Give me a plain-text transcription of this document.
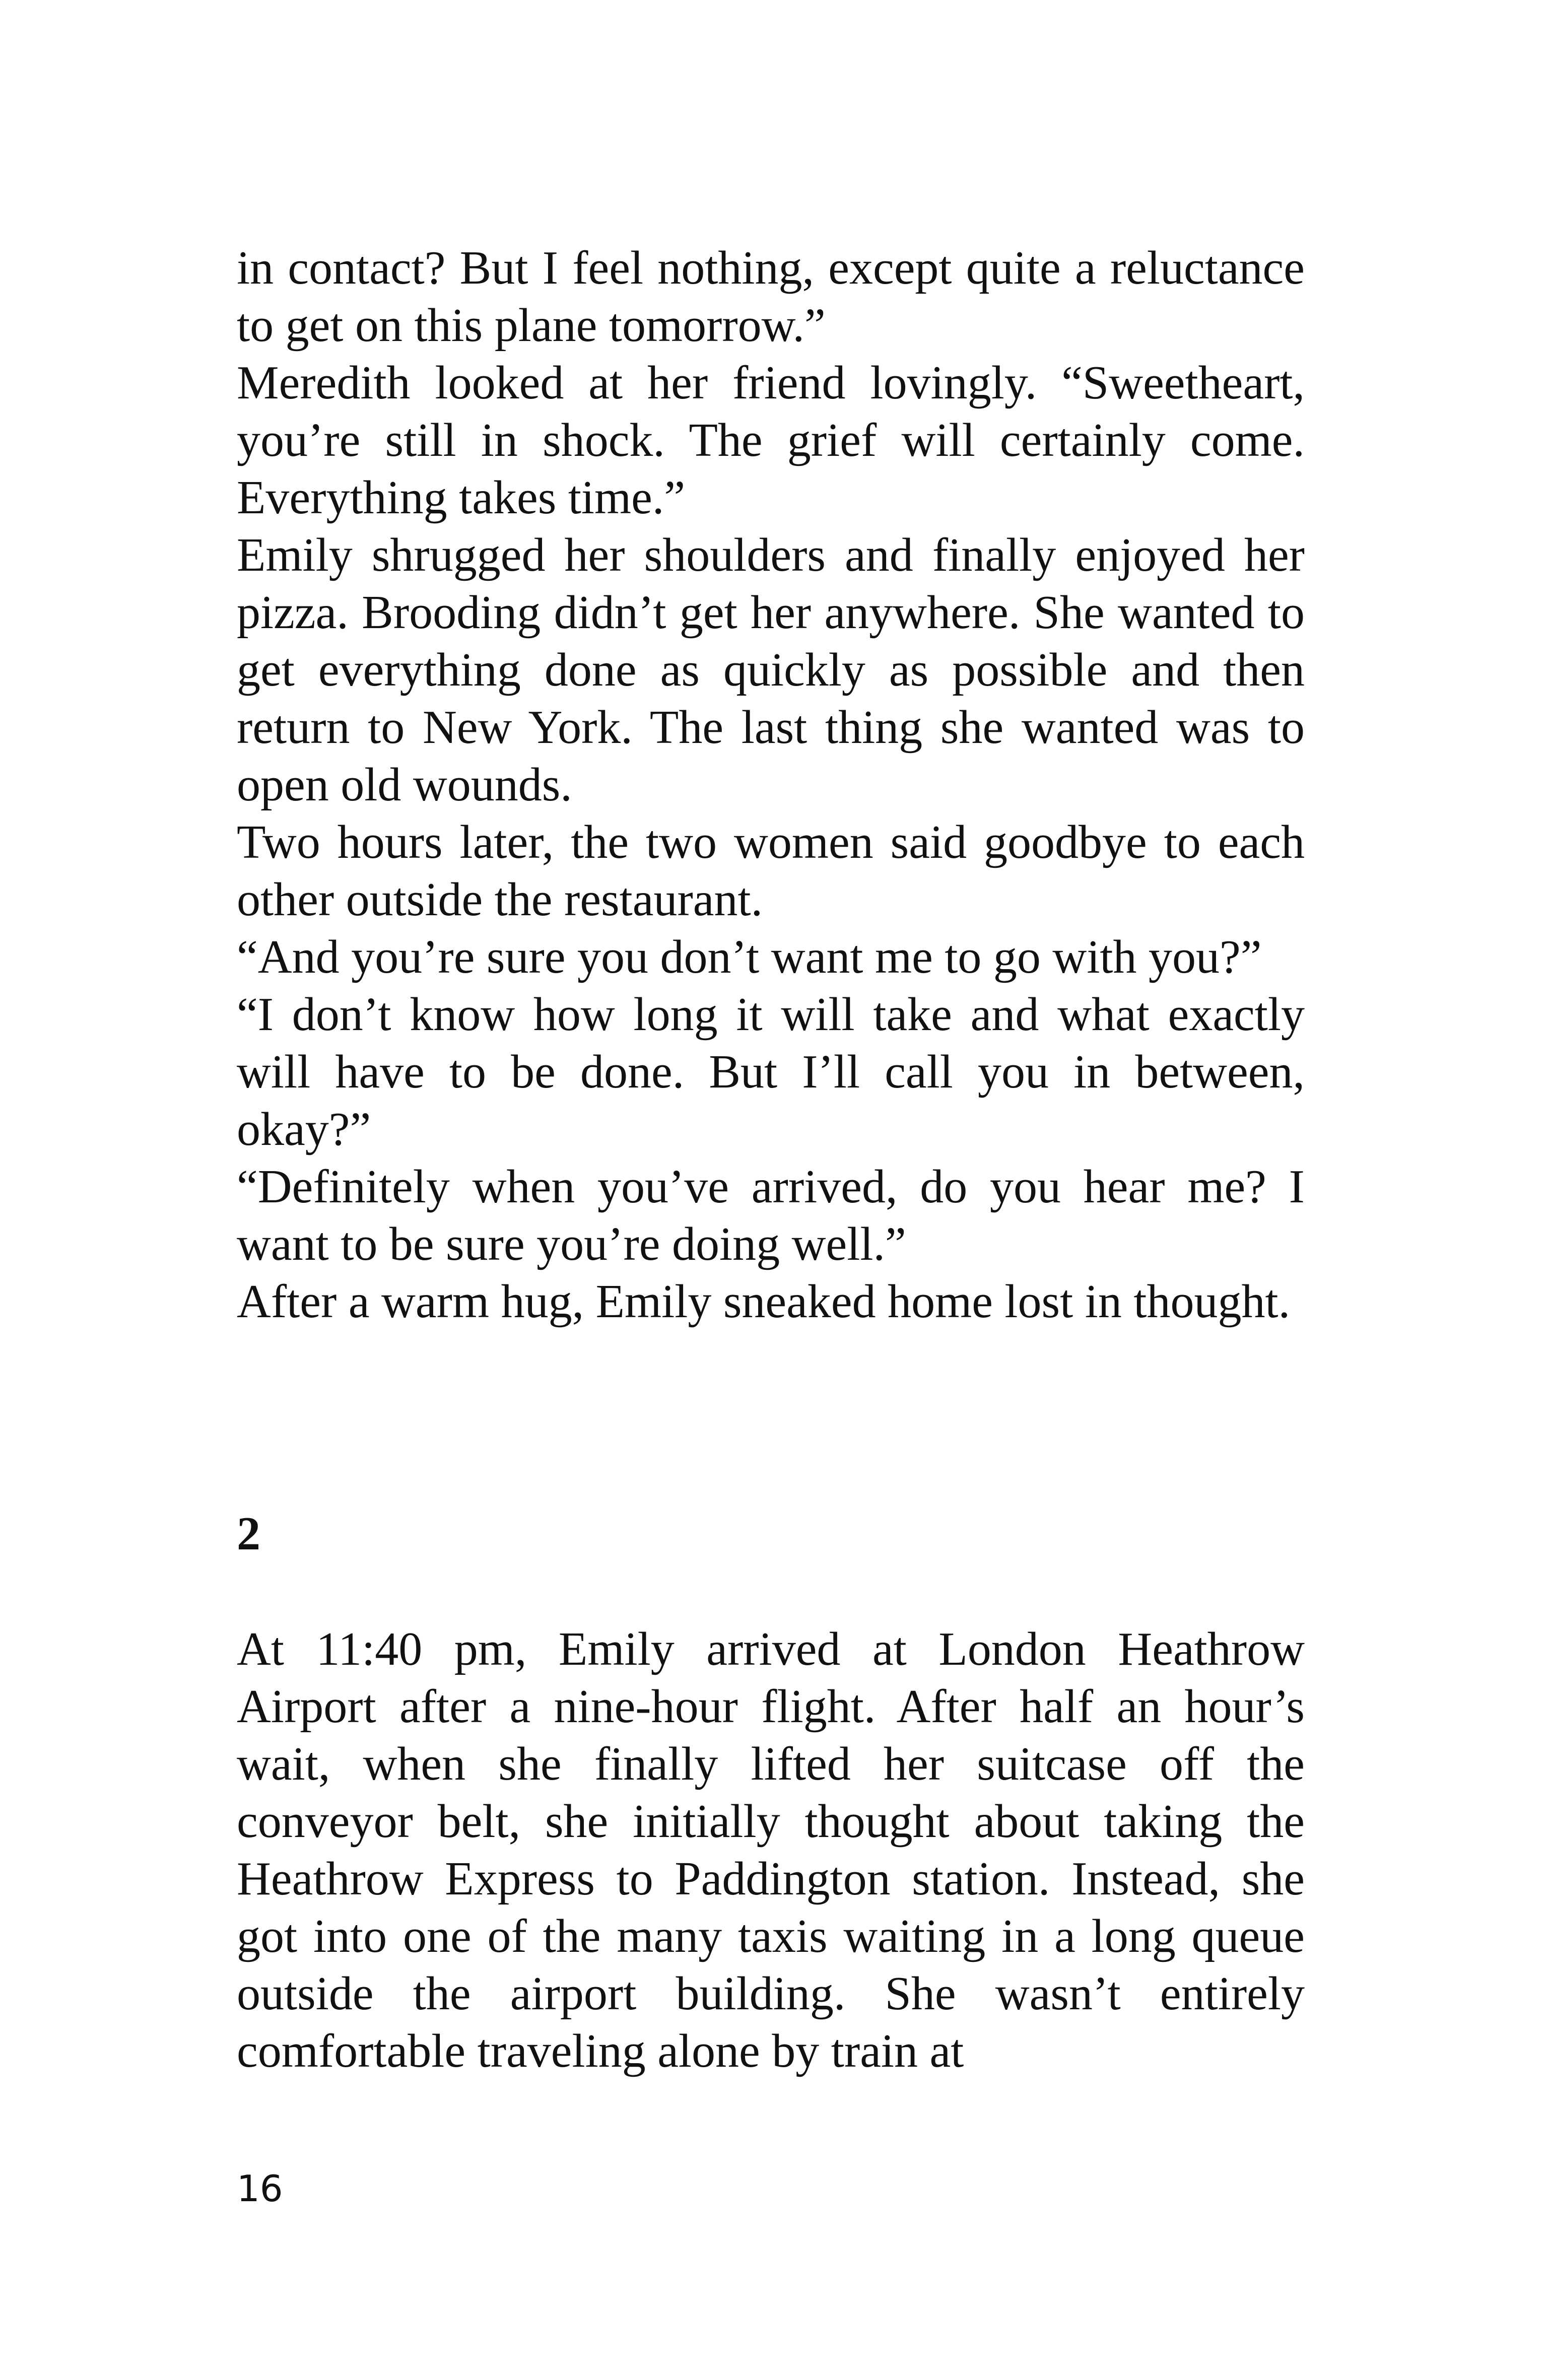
in contact? But I feel nothing, except quite a reluctance to get on this plane tomorrow.”

Meredith looked at her friend lovingly. “Sweetheart, you’re still in shock. The grief will certainly come. Everything takes time.”

Emily shrugged her shoulders and finally enjoyed her pizza. Brooding didn’t get her anywhere. She wanted to get everything done as quickly as possible and then return to New York. The last thing she wanted was to open old wounds.

Two hours later, the two women said goodbye to each other outside the restaurant.

“And you’re sure you don’t want me to go with you?”

“I don’t know how long it will take and what exactly will have to be done. But I’ll call you in between, okay?”

“Definitely when you’ve arrived, do you hear me? I want to be sure you’re doing well.”

After a warm hug, Emily sneaked home lost in thought.

2

At 11:40 pm, Emily arrived at London Heathrow Airport after a nine-hour flight. After half an hour’s wait, when she finally lifted her suitcase off the conveyor belt, she initially thought about taking the Heathrow Express to Paddington station. Instead, she got into one of the many taxis waiting in a long queue outside the airport building. She wasn’t entirely comfortable traveling alone by train at

16
